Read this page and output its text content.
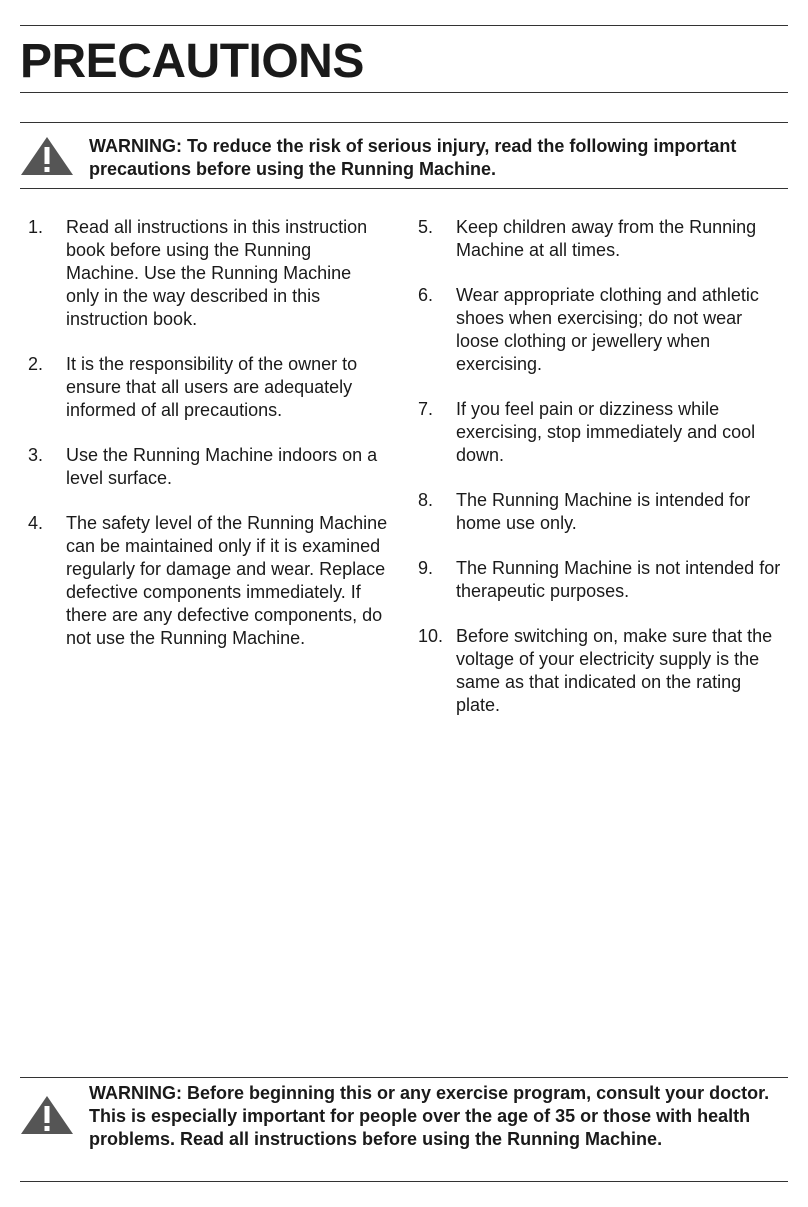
PRECAUTIONS

WARNING: To reduce the risk of serious injury, read the following important precautions before using the Running Machine.

1. Read all instructions in this instruction book before using the Running Machine. Use the Running Machine only in the way described in this instruction book.
2. It is the responsibility of the owner to ensure that all users are adequately informed of all precautions.
3. Use the Running Machine indoors on a level surface.
4. The safety level of the Running Machine can be maintained only if it is examined regularly for damage and wear. Replace defective components immediately. If there are any defective components, do not use the Running Machine.
5. Keep children away from the Running Machine at all times.
6. Wear appropriate clothing and athletic shoes when exercising; do not wear loose clothing or jewellery when exercising.
7. If you feel pain or dizziness while exercising, stop immediately and cool down.
8. The Running Machine is intended for home use only.
9. The Running Machine is not intended for therapeutic purposes.
10. Before switching on, make sure that the voltage of your electricity supply is the same as that indicated on the rating plate.

WARNING: Before beginning this or any exercise program, consult your doctor. This is especially important for people over the age of 35 or those with health problems. Read all instructions before using the Running Machine.
